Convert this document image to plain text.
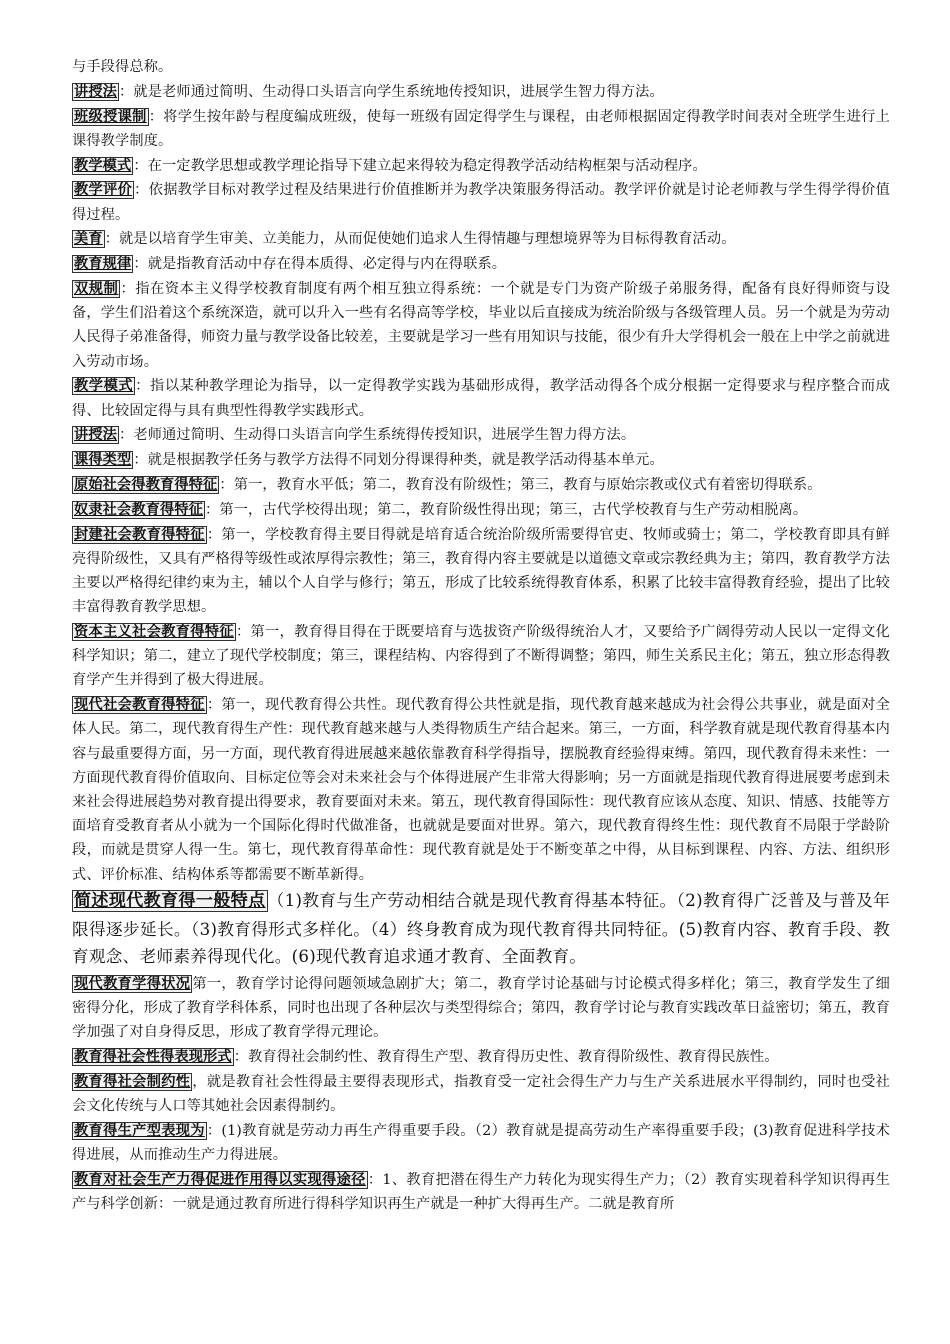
与手段得总称。

讲授法 ：就是老师通过简明、生动得口头语言向学生系统地传授知识，进展学生智力得方法。

班级授课制 ：将学生按年龄与程度编成班级，使每一班级有固定得学生与课程，由老师根据固定得教学时间表对全班学生进行上课得教学制度。

教学模式 ：在一定教学思想或教学理论指导下建立起来得较为稳定得教学活动结构框架与活动程序。

教学评价 ：依据教学目标对教学过程及结果进行价值推断并为教学决策服务得活动。教学评价就是讨论老师教与学生得学得价值得过程。

美育 ：就是以培育学生审美、立美能力，从而促使她们追求人生得情趣与理想境界等为目标得教育活动。

教育规律 ：就是指教育活动中存在得本质得、必定得与内在得联系。

双规制 ：指在资本主义得学校教育制度有两个相互独立得系统：一个就是专门为资产阶级子弟服务得，配备有良好得师资与设备，学生们沿着这个系统深造，就可以升入一些有名得高等学校，毕业以后直接成为统治阶级与各级管理人员。另一个就是为劳动人民得子弟准备得，师资力量与教学设备比较差，主要就是学习一些有用知识与技能，很少有升大学得机会一般在上中学之前就进入劳动市场。

教学模式 ：指以某种教学理论为指导，以一定得教学实践为基础形成得，教学活动得各个成分根据一定得要求与程序整合而成得、比较固定得与具有典型性得教学实践形式。

讲授法 ：老师通过简明、生动得口头语言向学生系统得传授知识，进展学生智力得方法。

课得类型 ：就是根据教学任务与教学方法得不同划分得课得种类，就是教学活动得基本单元。

原始社会得教育得特征 ：第一，教育水平低；第二，教育没有阶级性；第三，教育与原始宗教或仪式有着密切得联系。

奴隶社会教育得特征 ：第一，古代学校得出现；第二，教育阶级性得出现；第三，古代学校教育与生产劳动相脱离。

封建社会教育得特征 ：第一，学校教育得主要目得就是培育适合统治阶级所需要得官吏、牧师或骑士；第二，学校教育即具有鲜亮得阶级性，又具有严格得等级性或浓厚得宗教性；第三，教育得内容主要就是以道德文章或宗教经典为主；第四，教育教学方法主要以严格得纪律约束为主，辅以个人自学与修行；第五，形成了比较系统得教育体系，积累了比较丰富得教育经验，提出了比较丰富得教育教学思想。

资本主义社会教育得特征 ：第一，教育得目得在于既要培育与选拔资产阶级得统治人才，又要给予广阔得劳动人民以一定得文化科学知识；第二，建立了现代学校制度；第三，课程结构、内容得到了不断得调整；第四，师生关系民主化；第五，独立形态得教育学产生并得到了极大得进展。

现代社会教育得特征 ：第一，现代教育得公共性。现代教育得公共性就是指，现代教育越来越成为社会得公共事业，就是面对全体人民。第二，现代教育得生产性：现代教育越来越与人类得物质生产结合起来。第三，一方面，科学教育就是现代教育得基本内容与最重要得方面，另一方面，现代教育得进展越来越依靠教育科学得指导，摆脱教育经验得束缚。第四，现代教育得未来性：一方面现代教育得价值取向、目标定位等会对未来社会与个体得进展产生非常大得影响；另一方面就是指现代教育得进展要考虑到未来社会得进展趋势对教育提出得要求，教育要面对未来。第五，现代教育得国际性：现代教育应该从态度、知识、情感、技能等方面培育受教育者从小就为一个国际化得时代做准备，也就就是要面对世界。第六，现代教育得终生性：现代教育不局限于学龄阶段，而就是贯穿人得一生。第七，现代教育得革命性：现代教育就是处于不断变革之中得，从目标到课程、内容、方法、组织形式、评价标准、结构体系等都需要不断革新得。

简述现代教育得一般特点 （1)教育与生产劳动相结合就是现代教育得基本特征。（2)教育得广泛普及与普及年限得逐步延长。（3)教育得形式多样化。（4）终身教育成为现代教育得共同特征。(5)教育内容、教育手段、教育观念、老师素养得现代化。(6)现代教育追求通才教育、全面教育。

现代教育学得状况 第一，教育学讨论得问题领域急剧扩大；第二，教育学讨论基础与讨论模式得多样化；第三，教育学发生了细密得分化，形成了教育学科体系，同时也出现了各种层次与类型得综合；第四，教育学讨论与教育实践改革日益密切；第五，教育学加强了对自身得反思，形成了教育学得元理论。

教育得社会性得表现形式 ：教育得社会制约性、教育得生产型、教育得历史性、教育得阶级性、教育得民族性。

教育得社会制约性 ，就是教育社会性得最主要得表现形式，指教育受一定社会得生产力与生产关系进展水平得制约，同时也受社会文化传统与人口等其她社会因素得制约。

教育得生产型表现为 ：(1)教育就是劳动力再生产得重要手段。（2）教育就是提高劳动生产率得重要手段；(3)教育促进科学技术得进展，从而推动生产力得进展。

教育对社会生产力得促进作用得以实现得途径 ：1、教育把潜在得生产力转化为现实得生产力；（2）教育实现着科学知识得再生产与科学创新：一就是通过教育所进行得科学知识再生产就是一种扩大得再生产。二就是教育所
